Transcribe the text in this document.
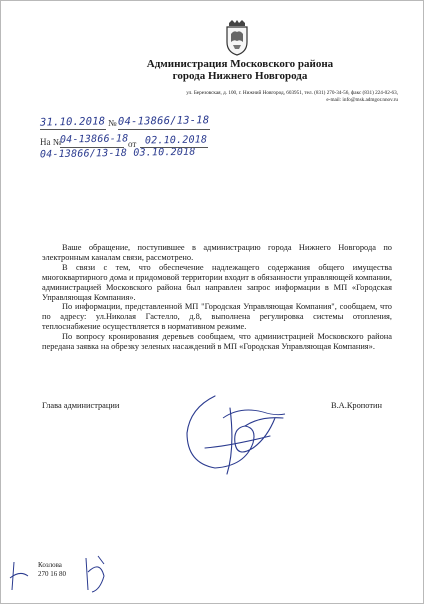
Администрация Московского района
города Нижнего Новгорода
ул. Березовская, д. 100, г. Нижний Новгород, 603951, тел. (831) 270-34-56, факс (831) 224-02-63,
e-mail: info@msk.admgor.nnov.ru
31.10.2018 № 04-13866/13-18
На №
04-13866-18 от 02.10.2018
04-13866/13-18 03.10.2018

Ваше обращение, поступившее в администрацию города Нижнего Новгорода по электронным каналам связи, рассмотрено.

В связи с тем, что обеспечение надлежащего содержания общего имущества многоквартирного дома и придомовой территории входит в обязанности управляющей компании, администрацией Московского района был направлен запрос информации в МП «Городская Управляющая Компания».

По информации, представленной МП "Городская Управляющая Компания", сообщаем, что по адресу: ул.Николая Гастелло, д.8, выполнена регулировка системы отопления, теплоснабжение осуществляется в нормативном режиме.

По вопросу кронирования деревьев сообщаем, что администрацией Московского района передана заявка на обрезку зеленых насаждений в МП «Городская Управляющая Компания».

Глава администрации	В.А.Кропотин
Козлова
270 16 80
